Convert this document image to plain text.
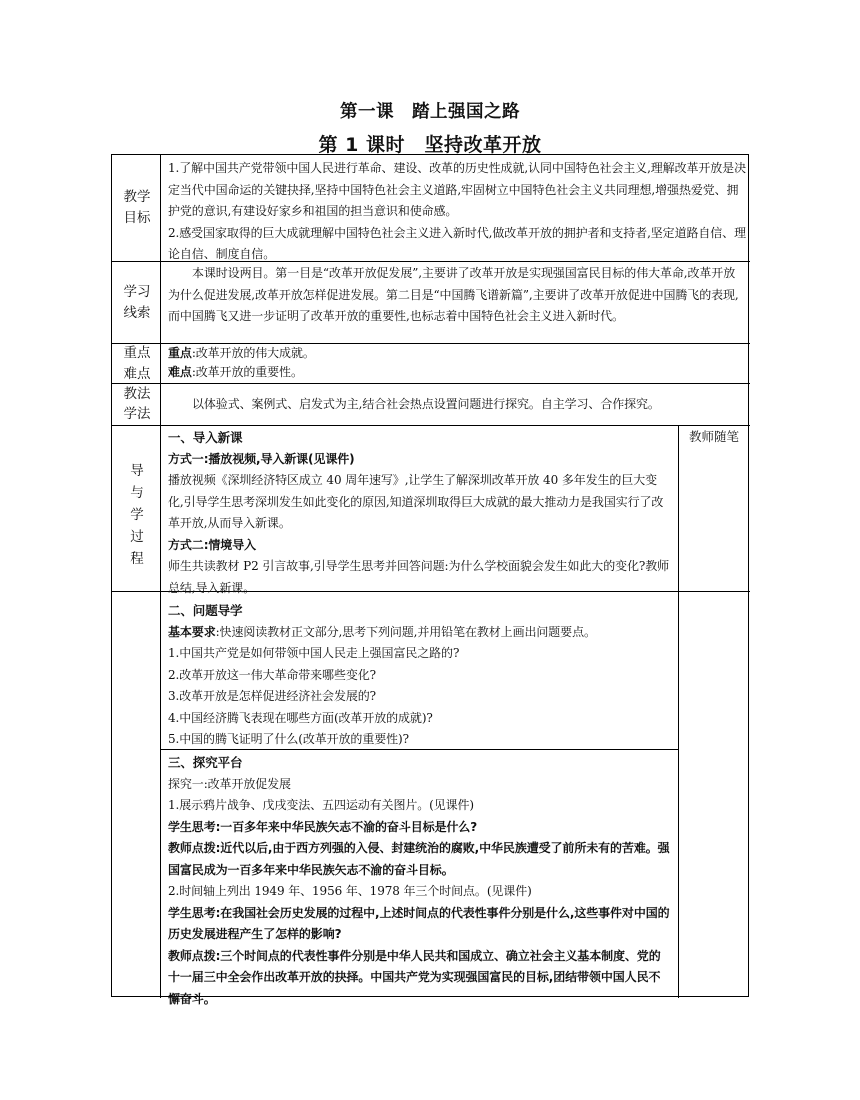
第一课　踏上强国之路
第 1 课时　坚持改革开放
教学
目标

1.了解中国共产党带领中国人民进行革命、建设、改革的历史性成就,认同中国特色社会主义,理解改革开放是决定当代中国命运的关键抉择,坚持中国特色社会主义道路,牢固树立中国特色社会主义共同理想,增强热爱党、拥护党的意识,有建设好家乡和祖国的担当意识和使命感。

2.感受国家取得的巨大成就理解中国特色社会主义进入新时代,做改革开放的拥护者和支持者,坚定道路自信、理论自信、制度自信。

学习
线索

本课时设两目。第一目是“改革开放促发展”,主要讲了改革开放是实现强国富民目标的伟大革命,改革开放为什么促进发展,改革开放怎样促进发展。第二目是“中国腾飞谱新篇”,主要讲了改革开放促进中国腾飞的表现,而中国腾飞又进一步证明了改革开放的重要性,也标志着中国特色社会主义进入新时代。

重点
难点

重点:改革开放的伟大成就。

难点:改革开放的重要性。

教法
学法

以体验式、案例式、启发式为主,结合社会热点设置问题进行探究。自主学习、合作探究。

导
与
学
过
程
教师随笔

一、导入新课

方式一:播放视频,导入新课(见课件)

播放视频《深圳经济特区成立 40 周年速写》,让学生了解深圳改革开放 40 多年发生的巨大变化,引导学生思考深圳发生如此变化的原因,知道深圳取得巨大成就的最大推动力是我国实行了改革开放,从而导入新课。

方式二:情境导入

师生共读教材 P2 引言故事,引导学生思考并回答问题:为什么学校面貌会发生如此大的变化?教师总结,导入新课。

二、问题导学

基本要求:快速阅读教材正文部分,思考下列问题,并用铅笔在教材上画出问题要点。

1.中国共产党是如何带领中国人民走上强国富民之路的?

2.改革开放这一伟大革命带来哪些变化?

3.改革开放是怎样促进经济社会发展的?

4.中国经济腾飞表现在哪些方面(改革开放的成就)?

5.中国的腾飞证明了什么(改革开放的重要性)?

三、探究平台

探究一:改革开放促发展

1.展示鸦片战争、戊戌变法、五四运动有关图片。(见课件)

学生思考:一百多年来中华民族矢志不渝的奋斗目标是什么?

教师点拨:近代以后,由于西方列强的入侵、封建统治的腐败,中华民族遭受了前所未有的苦难。强国富民成为一百多年来中华民族矢志不渝的奋斗目标。

2.时间轴上列出 1949 年、1956 年、1978 年三个时间点。(见课件)

学生思考:在我国社会历史发展的过程中,上述时间点的代表性事件分别是什么,这些事件对中国的历史发展进程产生了怎样的影响?

教师点拨:三个时间点的代表性事件分别是中华人民共和国成立、确立社会主义基本制度、党的十一届三中全会作出改革开放的抉择。中国共产党为实现强国富民的目标,团结带领中国人民不懈奋斗。
